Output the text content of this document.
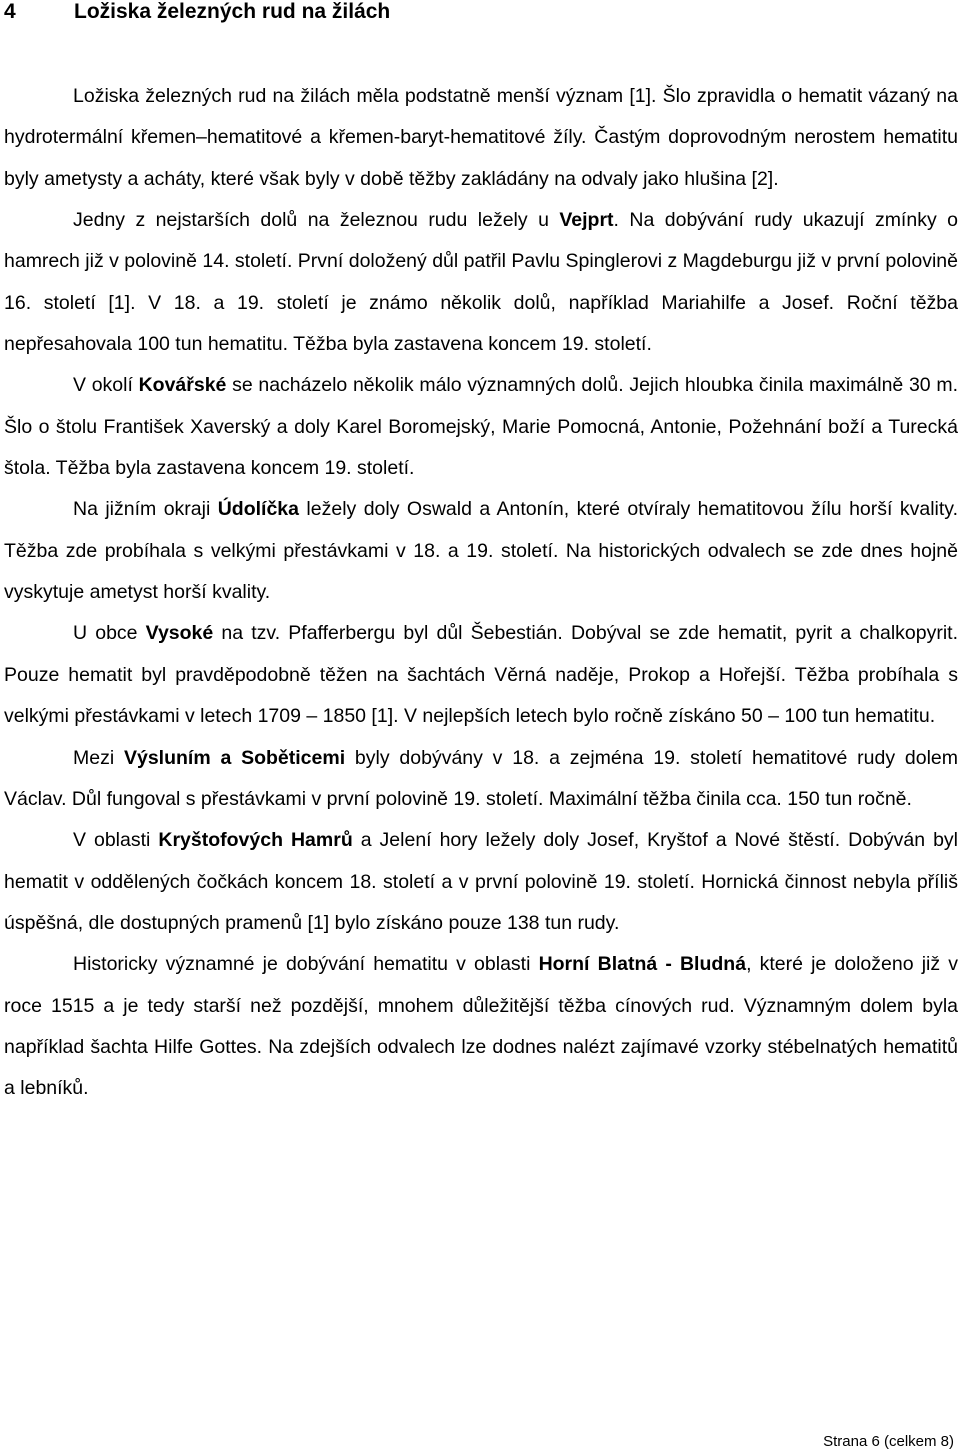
4	Ložiska železných rud na žilách

Ložiska železných rud na žilách měla podstatně menší význam [1]. Šlo zpravidla o hematit vázaný na hydrotermální křemen–hematitové a křemen-baryt-hematitové žíly. Častým doprovodným nerostem hematitu byly ametysty a acháty, které však byly v době těžby zakládány na odvaly jako hlušina [2].

Jedny z nejstarších dolů na železnou rudu ležely u Vejprt. Na dobývání rudy ukazují zmínky o hamrech již v polovině 14. století. První doložený důl patřil Pavlu Spinglerovi z Magdeburgu již v první polovině 16. století [1]. V 18. a 19. století je známo několik dolů, například Mariahilfe a Josef. Roční těžba nepřesahovala 100 tun hematitu. Těžba byla zastavena koncem 19. století.

V okolí Kovářské se nacházelo několik málo významných dolů. Jejich hloubka činila maximálně 30 m. Šlo o štolu František Xaverský a doly Karel Boromejský, Marie Pomocná, Antonie, Požehnání boží a Turecká štola. Těžba byla zastavena koncem 19. století.

Na jižním okraji Údolíčka ležely doly Oswald a Antonín, které otvíraly hematitovou žílu horší kvality. Těžba zde probíhala s velkými přestávkami v 18. a 19. století. Na historických odvalech se zde dnes hojně vyskytuje ametyst horší kvality.

U obce Vysoké na tzv. Pfafferbergu byl důl Šebestián. Dobýval se zde hematit, pyrit a chalkopyrit. Pouze hematit byl pravděpodobně těžen na šachtách Věrná naděje, Prokop a Hořejší. Těžba probíhala s velkými přestávkami v letech 1709 – 1850 [1]. V nejlepších letech bylo ročně získáno 50 – 100 tun hematitu.

Mezi Výsluním a Soběticemi byly dobývány v 18. a zejména 19. století hematitové rudy dolem Václav. Důl fungoval s přestávkami v první polovině 19. století. Maximální těžba činila cca. 150 tun ročně.

V oblasti Kryštofových Hamrů a Jelení hory ležely doly Josef, Kryštof a Nové štěstí. Dobýván byl hematit v oddělených čočkách koncem 18. století a v první polovině 19. století. Hornická činnost nebyla příliš úspěšná, dle dostupných pramenů [1] bylo získáno pouze 138 tun rudy.

Historicky významné je dobývání hematitu v oblasti Horní Blatná - Bludná, které je doloženo již v roce 1515 a je tedy starší než pozdější, mnohem důležitější těžba cínových rud. Významným dolem byla například šachta Hilfe Gottes. Na zdejších odvalech lze dodnes nalézt zajímavé vzorky stébelnatých hematitů a lebníků.

Strana 6 (celkem 8)
